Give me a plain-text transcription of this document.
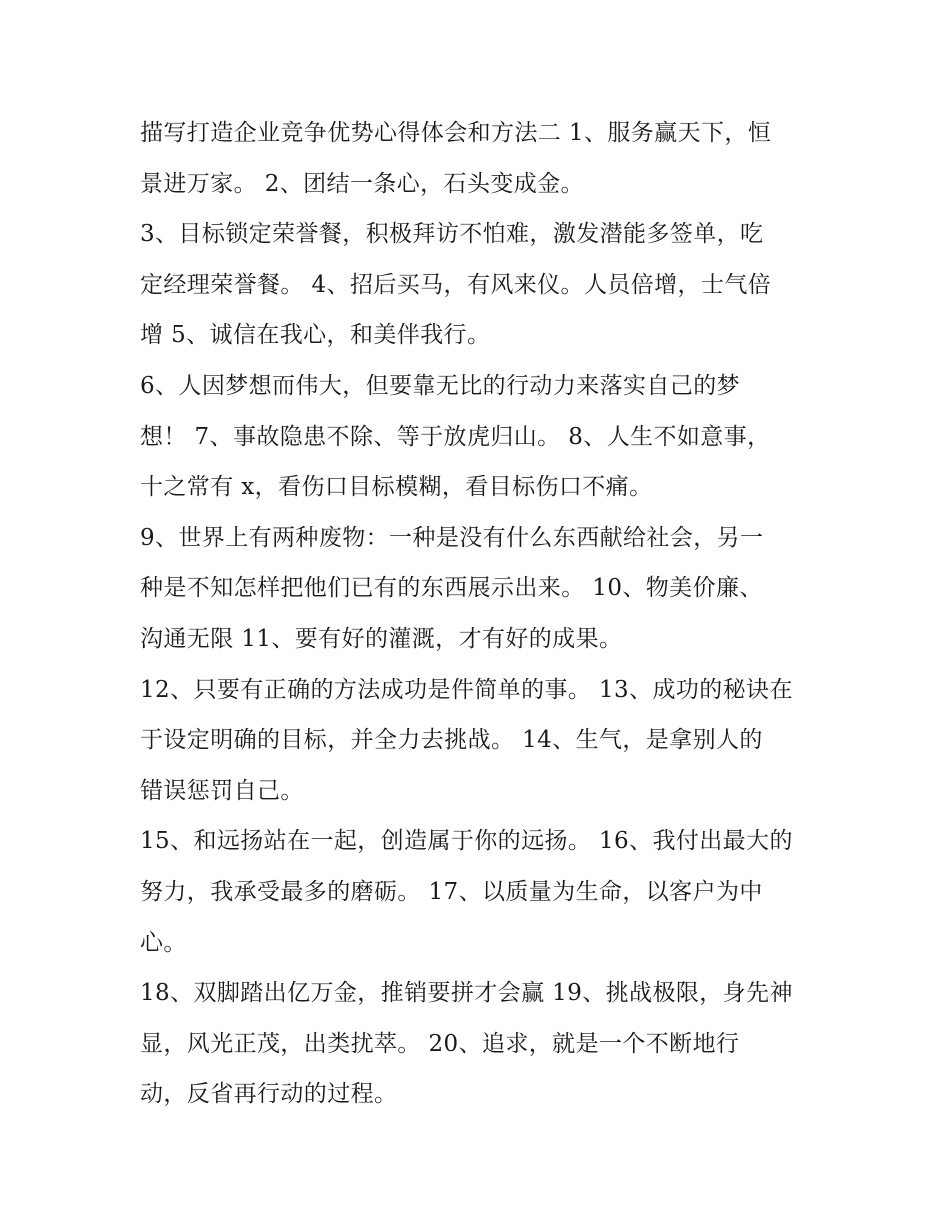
描写打造企业竞争优势心得体会和方法二 1、服务赢天下，恒
景进万家。 2、团结一条心，石头变成金。
3、目标锁定荣誉餐，积极拜访不怕难，激发潜能多签单，吃
定经理荣誉餐。 4、招后买马，有风来仪。人员倍增，士气倍
增 5、诚信在我心，和美伴我行。
6、人因梦想而伟大，但要靠无比的行动力来落实自己的梦
想！ 7、事故隐患不除、等于放虎归山。 8、人生不如意事，
十之常有 x，看伤口目标模糊，看目标伤口不痛。
9、世界上有两种废物：一种是没有什么东西献给社会，另一
种是不知怎样把他们已有的东西展示出来。 10、物美价廉、
沟通无限 11、要有好的灌溉，才有好的成果。
12、只要有正确的方法成功是件简单的事。 13、成功的秘诀在
于设定明确的目标，并全力去挑战。 14、生气，是拿别人的
错误惩罚自己。
15、和远扬站在一起，创造属于你的远扬。 16、我付出最大的
努力，我承受最多的磨砺。 17、以质量为生命，以客户为中
心。
18、双脚踏出亿万金，推销要拼才会赢 19、挑战极限，身先神
显，风光正茂，出类扰萃。 20、追求，就是一个不断地行
动，反省再行动的过程。
